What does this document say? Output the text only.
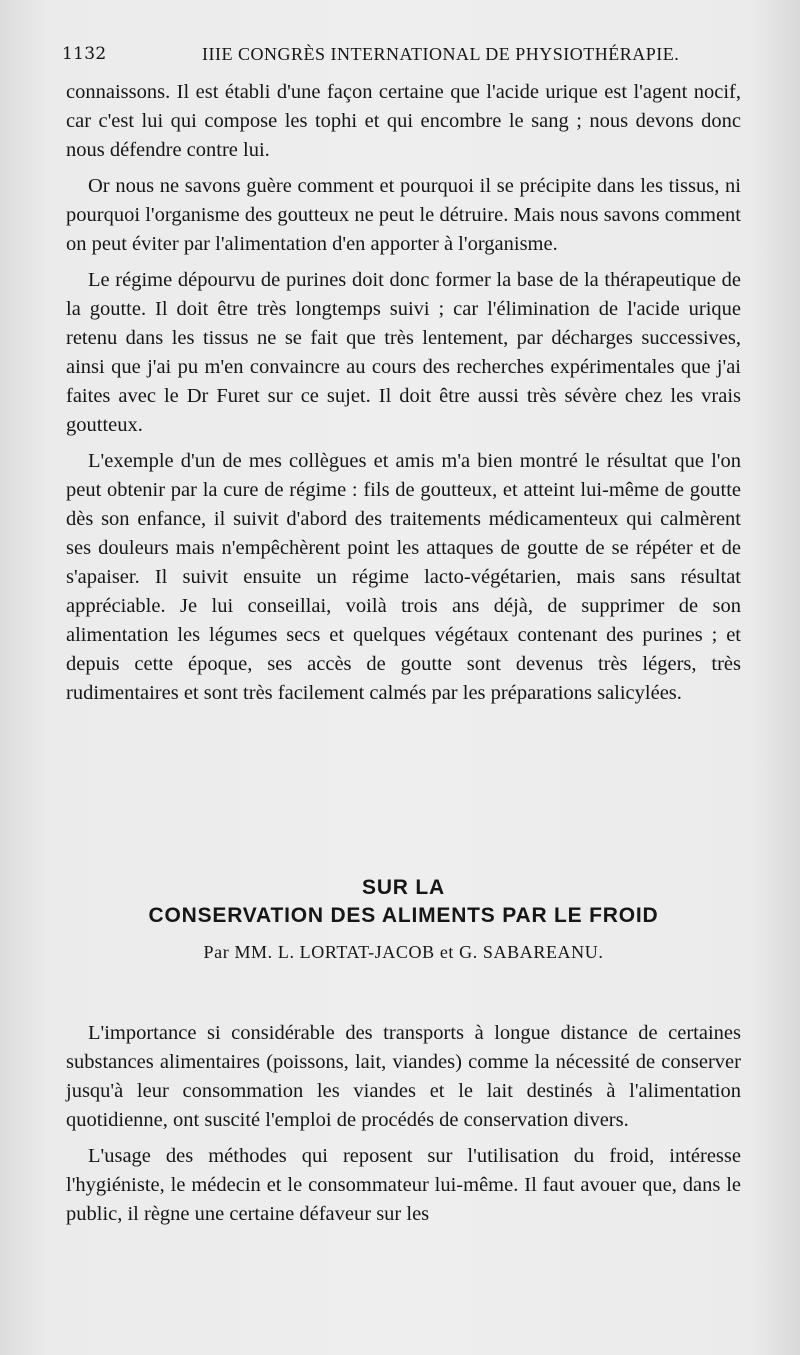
1132	IIIE CONGRÈS INTERNATIONAL DE PHYSIOTHÉRAPIE.

connaissons. Il est établi d'une façon certaine que l'acide urique est l'agent nocif, car c'est lui qui compose les tophi et qui encombre le sang ; nous devons donc nous défendre contre lui.

Or nous ne savons guère comment et pourquoi il se précipite dans les tissus, ni pourquoi l'organisme des goutteux ne peut le détruire. Mais nous savons comment on peut éviter par l'alimentation d'en apporter à l'organisme.

Le régime dépourvu de purines doit donc former la base de la thérapeutique de la goutte. Il doit être très longtemps suivi ; car l'élimination de l'acide urique retenu dans les tissus ne se fait que très lentement, par décharges successives, ainsi que j'ai pu m'en convaincre au cours des recherches expérimentales que j'ai faites avec le Dr Furet sur ce sujet. Il doit être aussi très sévère chez les vrais goutteux.

L'exemple d'un de mes collègues et amis m'a bien montré le résultat que l'on peut obtenir par la cure de régime : fils de goutteux, et atteint lui-même de goutte dès son enfance, il suivit d'abord des traitements médicamenteux qui calmèrent ses douleurs mais n'empêchèrent point les attaques de goutte de se répéter et de s'apaiser. Il suivit ensuite un régime lacto-végétarien, mais sans résultat appréciable. Je lui conseillai, voilà trois ans déjà, de supprimer de son alimentation les légumes secs et quelques végétaux contenant des purines ; et depuis cette époque, ses accès de goutte sont devenus très légers, très rudimentaires et sont très facilement calmés par les préparations salicylées.

SUR LA
CONSERVATION DES ALIMENTS PAR LE FROID
Par MM. L. LORTAT-JACOB et G. SABAREANU.

L'importance si considérable des transports à longue distance de certaines substances alimentaires (poissons, lait, viandes) comme la nécessité de conserver jusqu'à leur consommation les viandes et le lait destinés à l'alimentation quotidienne, ont suscité l'emploi de procédés de conservation divers.

L'usage des méthodes qui reposent sur l'utilisation du froid, intéresse l'hygiéniste, le médecin et le consommateur lui-même. Il faut avouer que, dans le public, il règne une certaine défaveur sur les
